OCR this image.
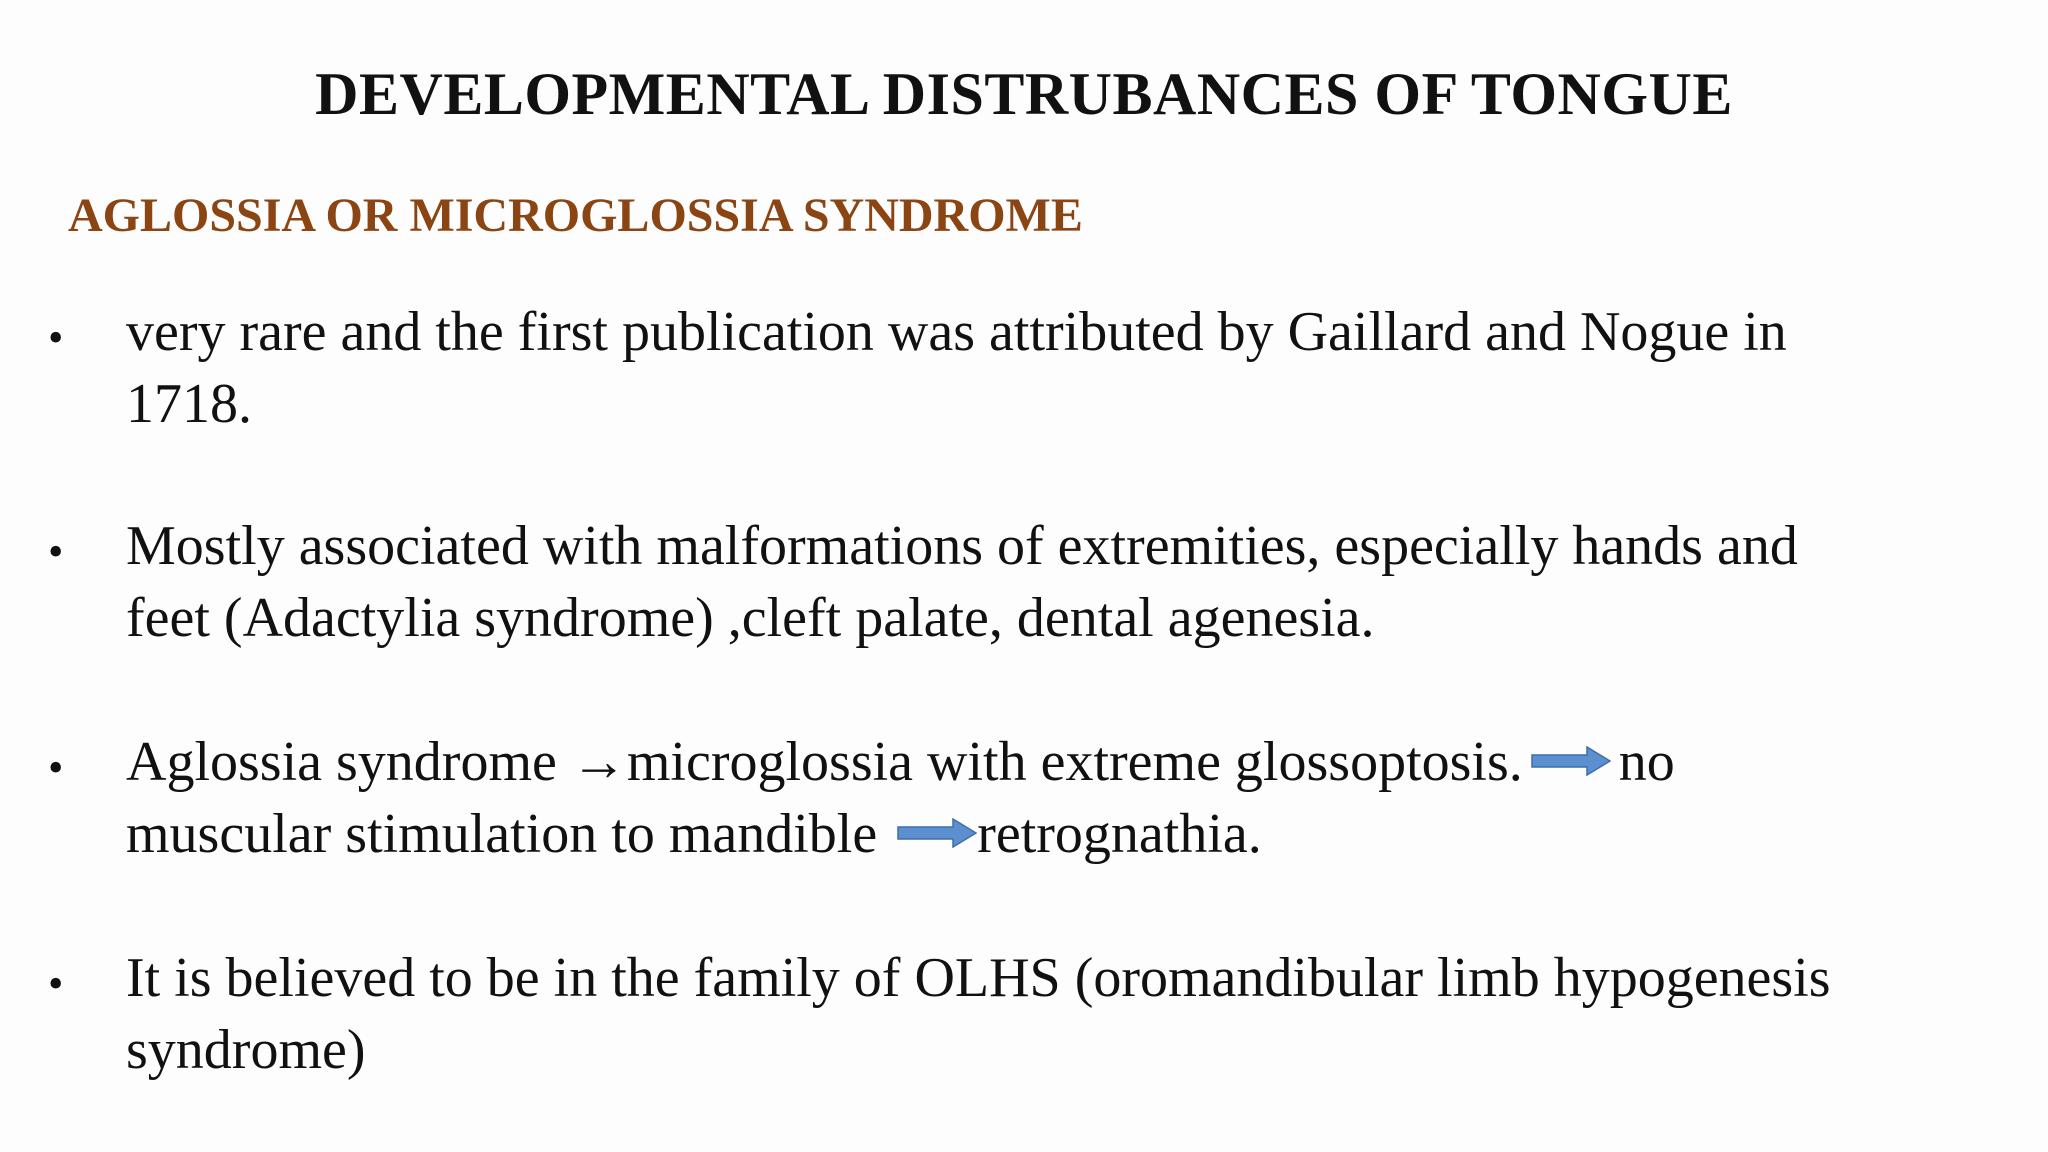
DEVELOPMENTAL DISTRUBANCES OF TONGUE
AGLOSSIA OR MICROGLOSSIA SYNDROME
• very rare and the first publication was attributed by Gaillard and Nogue in
1718.
• Mostly associated with malformations of extremities, especially hands and
feet (Adactylia syndrome) ,cleft palate, dental agenesia.
• Aglossia syndrome →microglossia with extreme glossoptosis. no
muscular stimulation to mandible retrognathia.
• It is believed to be in the family of OLHS (oromandibular limb hypogenesis
syndrome)
